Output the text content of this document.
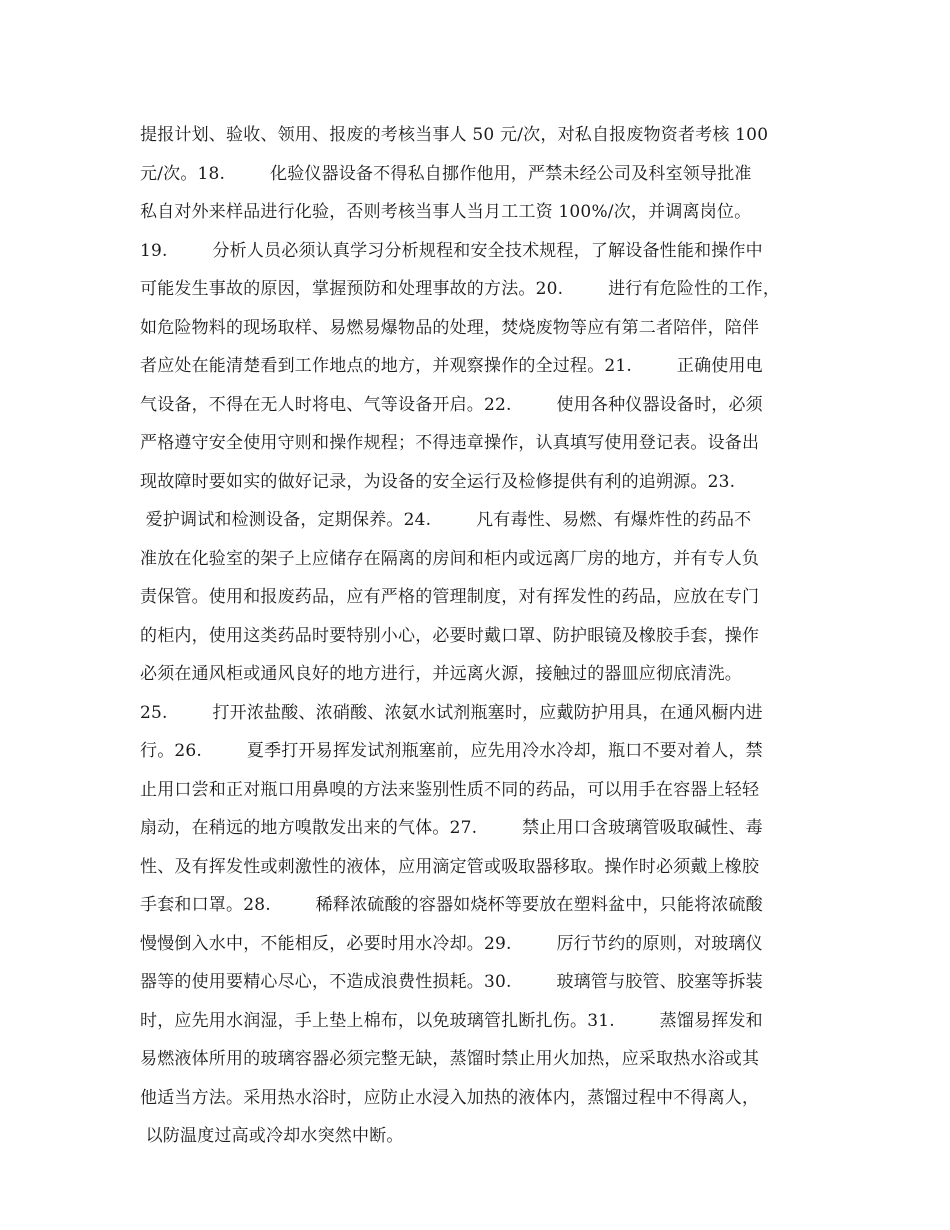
提报计划、验收、领用、报废的考核当事人 50 元/次，对私自报废物资者考核 100
元/次。18.        化验仪器设备不得私自挪作他用，严禁未经公司及科室领导批准
私自对外来样品进行化验，否则考核当事人当月工工资 100%/次，并调离岗位。
19.        分析人员必须认真学习分析规程和安全技术规程，了解设备性能和操作中
可能发生事故的原因，掌握预防和处理事故的方法。20.        进行有危险性的工作，
如危险物料的现场取样、易燃易爆物品的处理，焚烧废物等应有第二者陪伴，陪伴
者应处在能清楚看到工作地点的地方，并观察操作的全过程。21.        正确使用电
气设备，不得在无人时将电、气等设备开启。22.        使用各种仪器设备时，必须
严格遵守安全使用守则和操作规程；不得违章操作，认真填写使用登记表。设备出
现故障时要如实的做好记录，为设备的安全运行及检修提供有利的追朔源。23.
爱护调试和检测设备，定期保养。24.        凡有毒性、易燃、有爆炸性的药品不
准放在化验室的架子上应储存在隔离的房间和柜内或远离厂房的地方，并有专人负
责保管。使用和报废药品，应有严格的管理制度，对有挥发性的药品，应放在专门
的柜内，使用这类药品时要特别小心，必要时戴口罩、防护眼镜及橡胶手套，操作
必须在通风柜或通风良好的地方进行，并远离火源，接触过的器皿应彻底清洗。
25.        打开浓盐酸、浓硝酸、浓氨水试剂瓶塞时，应戴防护用具，在通风橱内进
行。26.        夏季打开易挥发试剂瓶塞前，应先用冷水冷却，瓶口不要对着人，禁
止用口尝和正对瓶口用鼻嗅的方法来鉴别性质不同的药品，可以用手在容器上轻轻
扇动，在稍远的地方嗅散发出来的气体。27.        禁止用口含玻璃管吸取碱性、毒
性、及有挥发性或刺激性的液体，应用滴定管或吸取器移取。操作时必须戴上橡胶
手套和口罩。28.        稀释浓硫酸的容器如烧杯等要放在塑料盆中，只能将浓硫酸
慢慢倒入水中，不能相反，必要时用水冷却。29.        厉行节约的原则，对玻璃仪
器等的使用要精心尽心，不造成浪费性损耗。30.        玻璃管与胶管、胶塞等拆装
时，应先用水润湿，手上垫上棉布，以免玻璃管扎断扎伤。31.        蒸馏易挥发和
易燃液体所用的玻璃容器必须完整无缺，蒸馏时禁止用火加热，应采取热水浴或其
他适当方法。采用热水浴时，应防止水浸入加热的液体内，蒸馏过程中不得离人，
以防温度过高或冷却水突然中断。
